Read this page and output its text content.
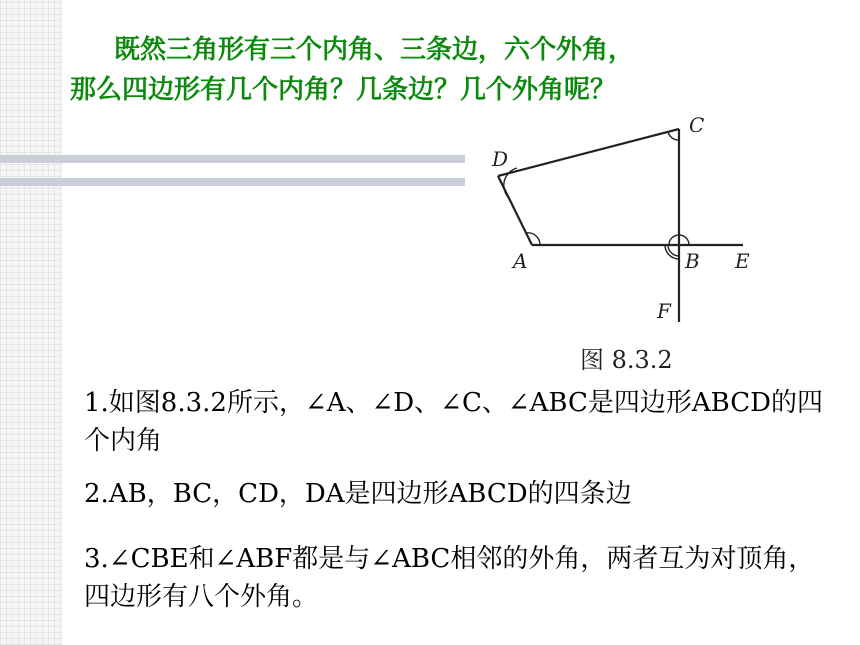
既然三角形有三个内角、三条边，六个外角，
那么四边形有几个内角？几条边？几个外角呢？
D
C
A	B E
F
图 8.3.2
1.如图8.3.2所示，∠A、∠D、∠C、∠ABC是四边形ABCD的四个内角
2.AB，BC，CD，DA是四边形ABCD的四条边
3.∠CBE和∠ABF都是与∠ABC相邻的外角，两者互为对顶角，四边形有八个外角。
